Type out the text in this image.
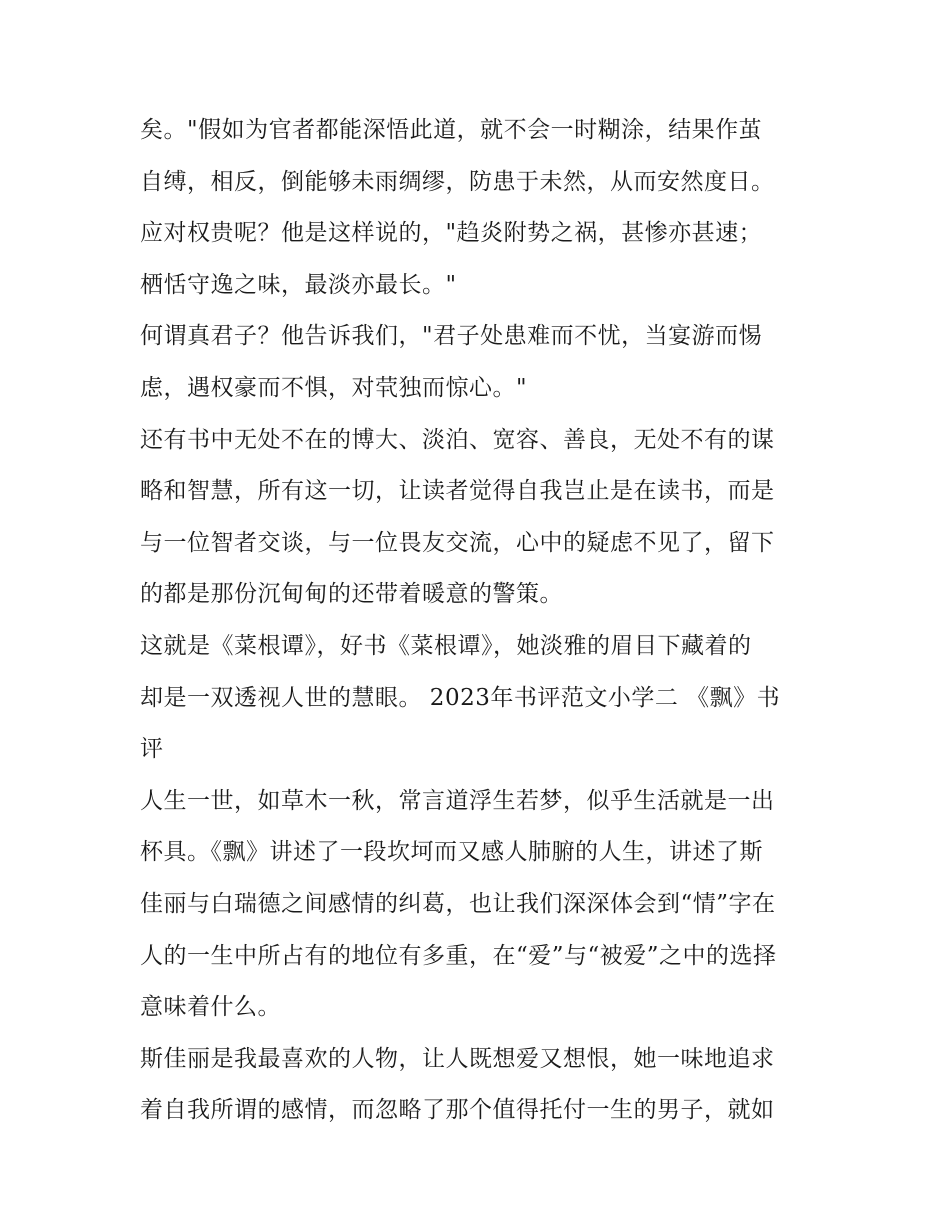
矣。"假如为官者都能深悟此道，就不会一时糊涂，结果作茧
自缚，相反，倒能够未雨绸缪，防患于未然，从而安然度日。
应对权贵呢？他是这样说的，"趋炎附势之祸，甚惨亦甚速；
栖恬守逸之味，最淡亦最长。"
何谓真君子？他告诉我们，"君子处患难而不忧，当宴游而惕
虑，遇权豪而不惧，对茕独而惊心。"
还有书中无处不在的博大、淡泊、宽容、善良，无处不有的谋
略和智慧，所有这一切，让读者觉得自我岂止是在读书，而是
与一位智者交谈，与一位畏友交流，心中的疑虑不见了，留下
的都是那份沉甸甸的还带着暖意的警策。
这就是《菜根谭》，好书《菜根谭》，她淡雅的眉目下藏着的
却是一双透视人世的慧眼。 2023年书评范文小学二 《飘》书
评
人生一世，如草木一秋，常言道浮生若梦，似乎生活就是一出
杯具。《飘》讲述了一段坎坷而又感人肺腑的人生，讲述了斯
佳丽与白瑞德之间感情的纠葛，也让我们深深体会到“情”字在
人的一生中所占有的地位有多重，在“爱”与“被爱”之中的选择
意味着什么。
斯佳丽是我最喜欢的人物，让人既想爱又想恨，她一味地追求
着自我所谓的感情，而忽略了那个值得托付一生的男子，就如
